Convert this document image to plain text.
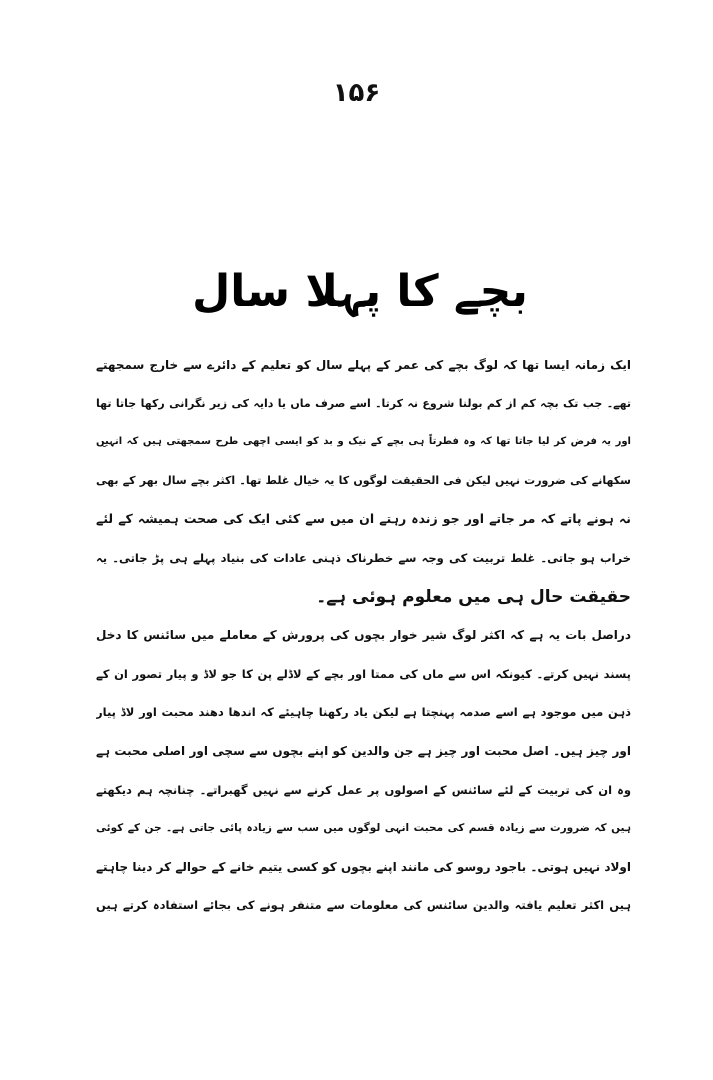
۱۵۶
بچے کا پہلا سال
˘
ایک زمانہ ایسا تھا کہ لوگ بچے کی عمر کے پہلے سال کو تعلیم کے دائرے سے خارج سمجھتے
تھے۔ جب تک بچہ کم از کم بولنا شروع نہ کرتا۔ اسے صرف ماں یا دایہ کی زیر نگرانی رکھا جاتا تھا
اور یہ فرض کر لیا جاتا تھا کہ وہ فطرتاً ہی بچے کے نیک و بد کو ایسی اچھی طرح سمجھتی ہیں کہ انہیں
سکھانے کی ضرورت نہیں لیکن فی الحقیقت لوگوں کا یہ خیال غلط تھا۔ اکثر بچے سال بھر کے بھی
نہ ہونے پاتے کہ مر جاتے اور جو زندہ رہتے ان میں سے کئی ایک کی صحت ہمیشہ کے لئے
خراب ہو جاتی۔ غلط تربیت کی وجہ سے خطرناک ذہنی عادات کی بنیاد پہلے ہی پڑ جاتی۔ یہ
حقیقت حال ہی میں معلوم ہوئی ہے۔
دراصل بات یہ ہے کہ اکثر لوگ شیر خوار بچوں کی پرورش کے معاملے میں سائنس کا دخل
پسند نہیں کرتے۔ کیونکہ اس سے ماں کی ممتا اور بچے کے لاڈلے پن کا جو لاڈ و پیار تصور ان کے
ذہن میں موجود ہے اسے صدمہ پہنچتا ہے لیکن یاد رکھنا چاہیئے کہ اندھا دھند محبت اور لاڈ پیار
اور چیز ہیں۔ اصل محبت اور چیز ہے جن والدین کو اپنے بچوں سے سچی اور اصلی محبت ہے
وہ ان کی تربیت کے لئے سائنس کے اصولوں پر عمل کرنے سے نہیں گھبراتے۔ چنانچہ ہم دیکھتے
ہیں کہ ضرورت سے زیادہ قسم کی محبت انہی لوگوں میں سب سے زیادہ پائی جاتی ہے۔ جن کے کوئی
اولاد نہیں ہوتی۔ باجود روسو کی مانند اپنے بچوں کو کسی یتیم خانے کے حوالے کر دینا چاہتے
ہیں اکثر تعلیم یافتہ والدین سائنس کی معلومات سے متنفر ہونے کی بجائے استفادہ کرتے ہیں
